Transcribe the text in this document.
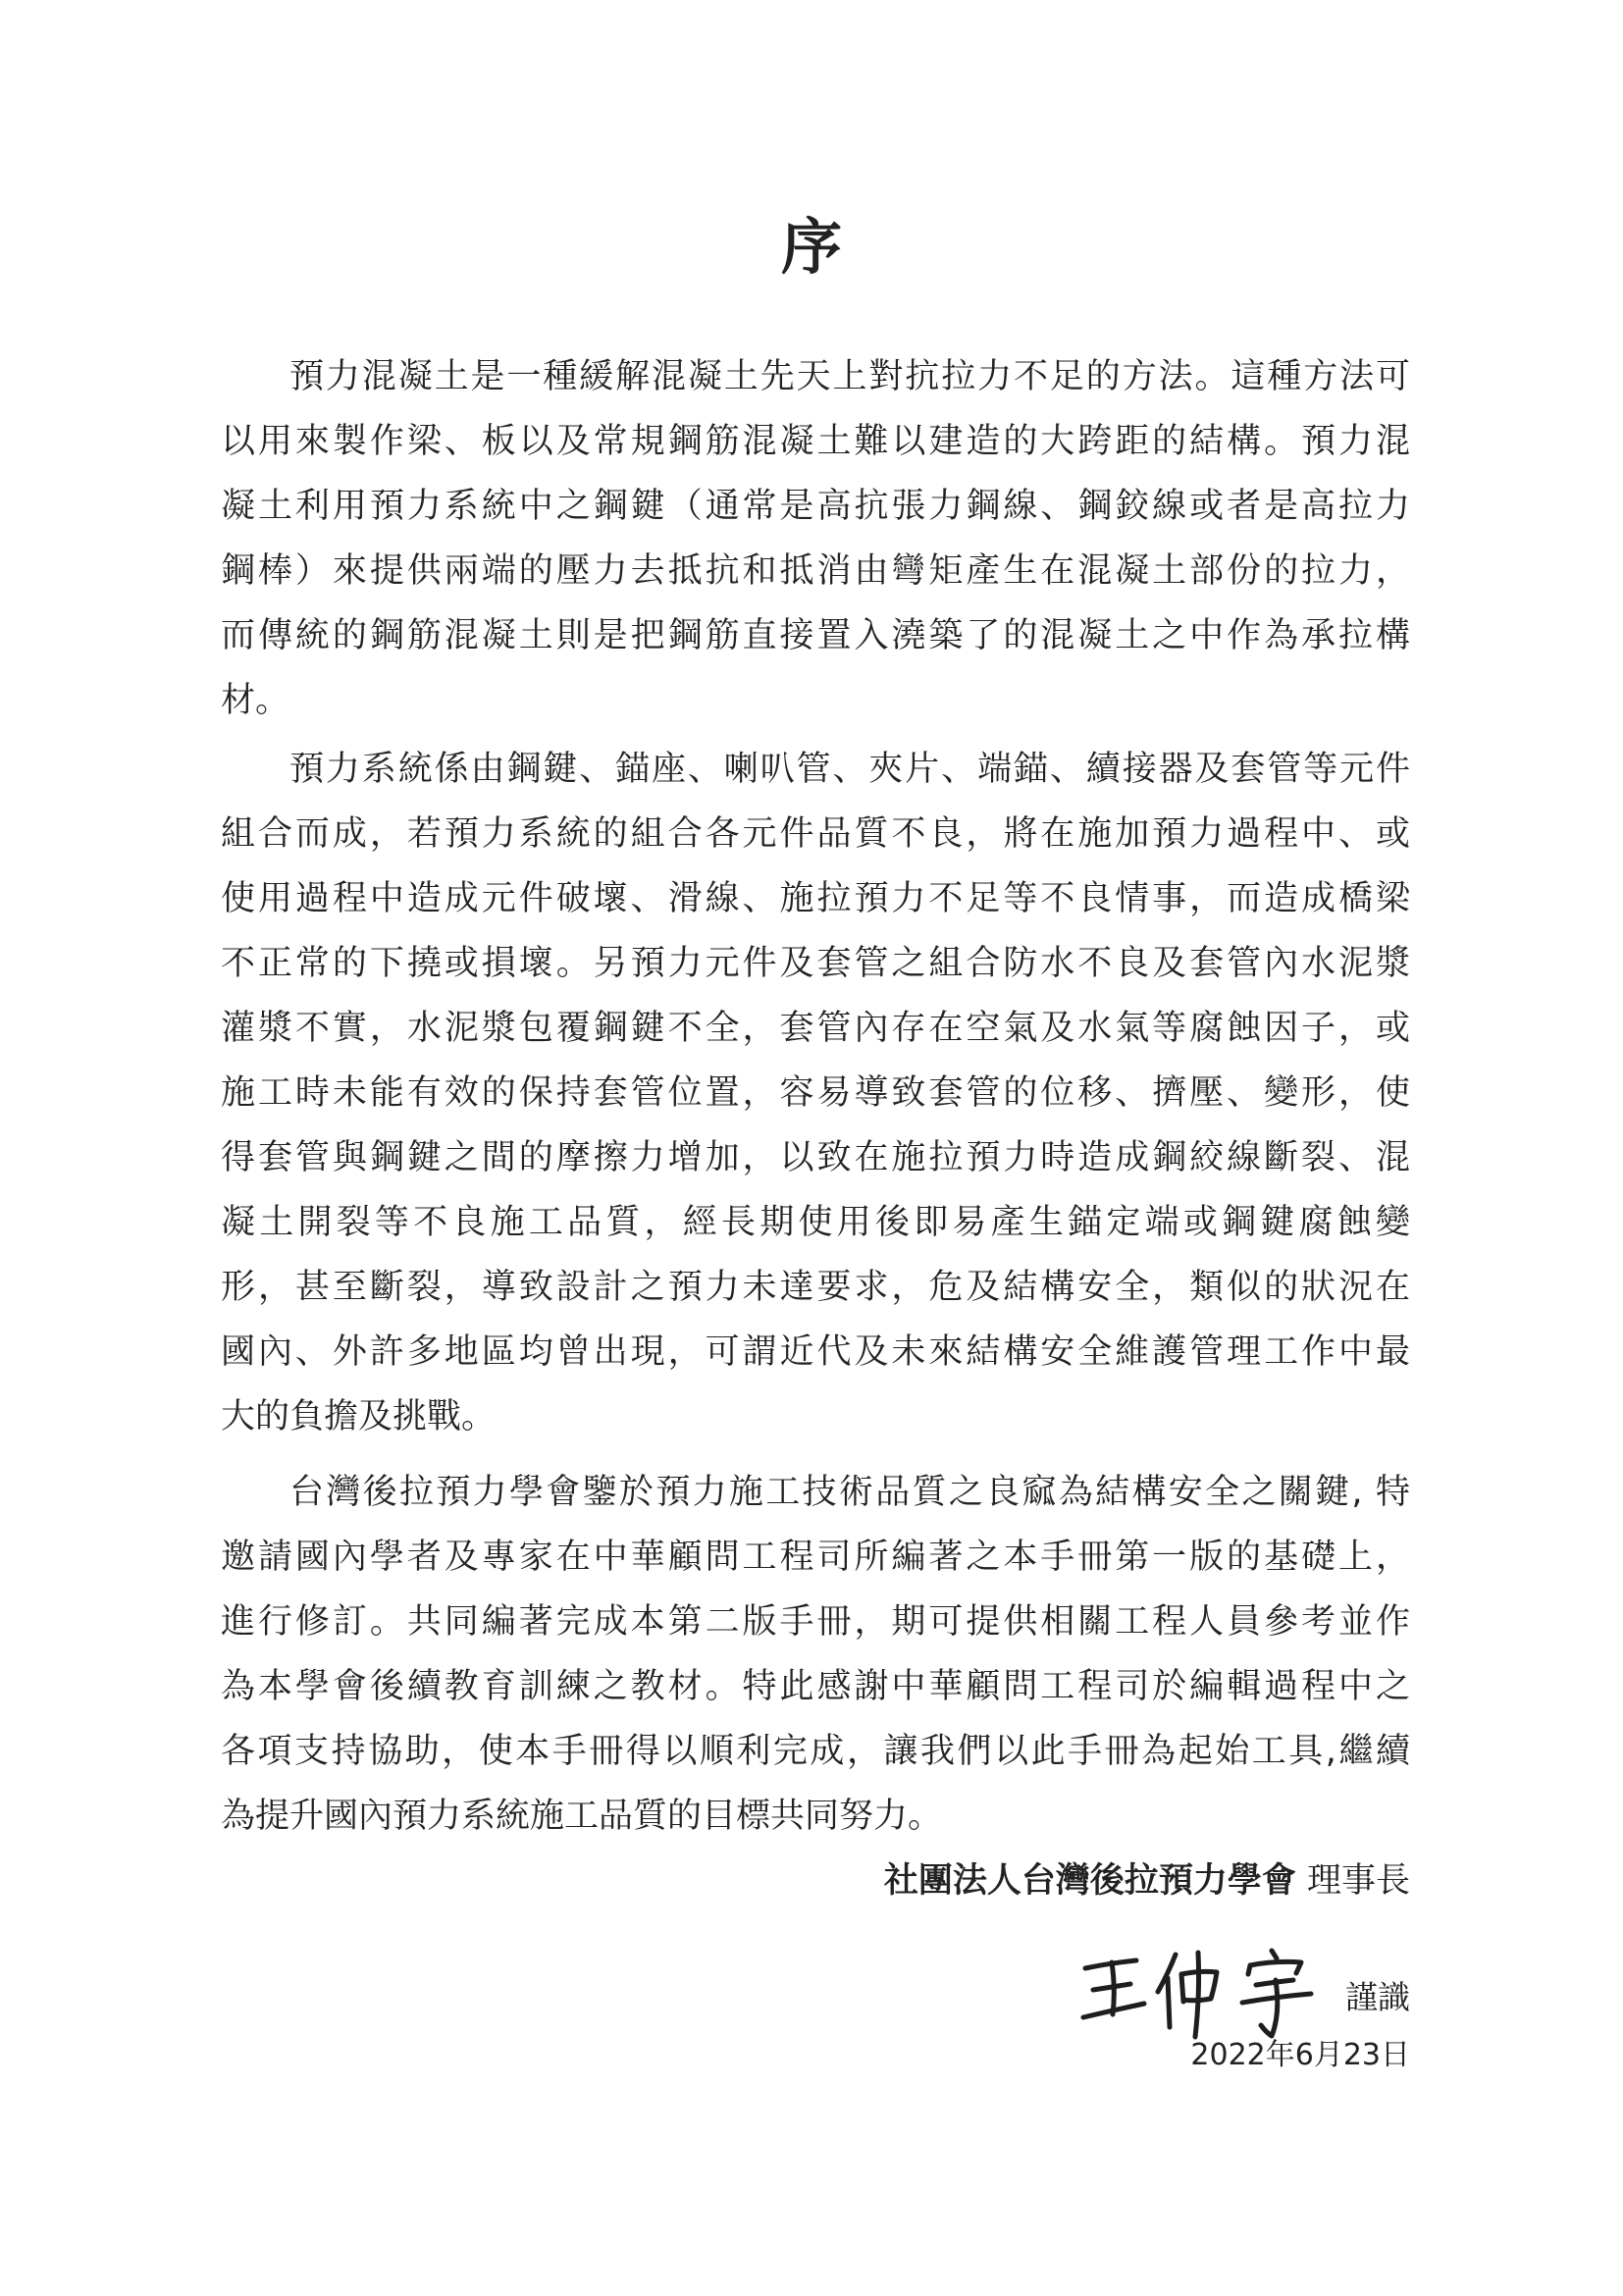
序
預力混凝土是一種緩解混凝土先天上對抗拉力不足的方法。這種方法可
以用來製作梁、板以及常規鋼筋混凝土難以建造的大跨距的結構。預力混
凝土利用預力系統中之鋼鍵（通常是高抗張力鋼線、鋼鉸線或者是高拉力
鋼棒）來提供兩端的壓力去抵抗和抵消由彎矩產生在混凝土部份的拉力，
而傳統的鋼筋混凝土則是把鋼筋直接置入澆築了的混凝土之中作為承拉構
材。
預力系統係由鋼鍵、錨座、喇叭管、夾片、端錨、續接器及套管等元件
組合而成，若預力系統的組合各元件品質不良，將在施加預力過程中、或
使用過程中造成元件破壞、滑線、施拉預力不足等不良情事，而造成橋梁
不正常的下撓或損壞。另預力元件及套管之組合防水不良及套管內水泥漿
灌漿不實，水泥漿包覆鋼鍵不全，套管內存在空氣及水氣等腐蝕因子，或
施工時未能有效的保持套管位置，容易導致套管的位移、擠壓、變形，使
得套管與鋼鍵之間的摩擦力增加，以致在施拉預力時造成鋼絞線斷裂、混
凝土開裂等不良施工品質，經長期使用後即易產生錨定端或鋼鍵腐蝕變
形，甚至斷裂，導致設計之預力未達要求，危及結構安全，類似的狀況在
國內、外許多地區均曾出現，可謂近代及未來結構安全維護管理工作中最
大的負擔及挑戰。
台灣後拉預力學會鑒於預力施工技術品質之良窳為結構安全之關鍵, 特
邀請國內學者及專家在中華顧問工程司所編著之本手冊第一版的基礎上，
進行修訂。共同編著完成本第二版手冊，期可提供相關工程人員參考並作
為本學會後續教育訓練之教材。特此感謝中華顧問工程司於編輯過程中之
各項支持協助，使本手冊得以順利完成，讓我們以此手冊為起始工具,繼續
為提升國內預力系統施工品質的目標共同努力。
社團法人台灣後拉預力學會 理事長
謹識
2022年6月23日
